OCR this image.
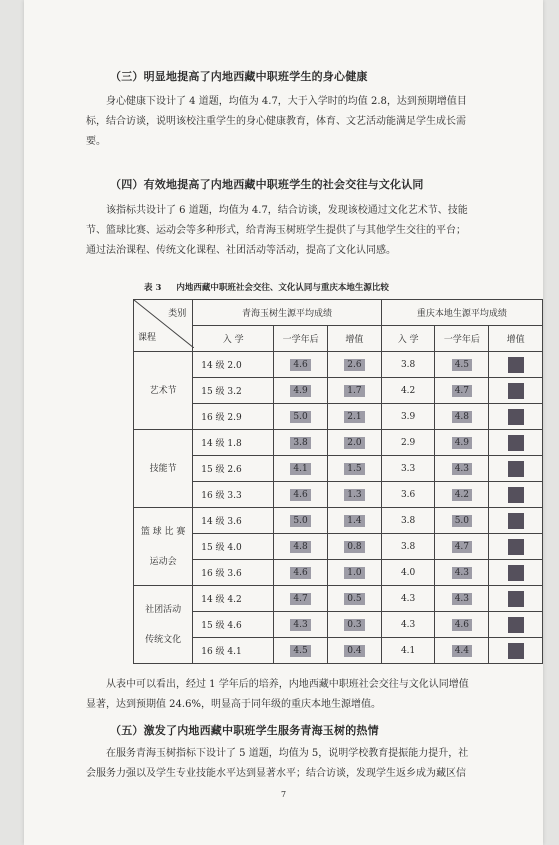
（三）明显地提高了内地西藏中职班学生的身心健康
身心健康下设计了 4 道题，均值为 4.7，大于入学时的均值 2.8，达到预期增值目
标，结合访谈，说明该校注重学生的身心健康教育，体育、文艺活动能满足学生成长需
要。
（四）有效地提高了内地西藏中职班学生的社会交往与文化认同
该指标共设计了 6 道题，均值为 4.7，结合访谈，发现该校通过文化艺术节、技能
节、篮球比赛、运动会等多种形式，给青海玉树班学生提供了与其他学生交往的平台；
通过法治课程、传统文化课程、社团活动等活动，提高了文化认同感。
表 3 内地西藏中职班社会交往、文化认同与重庆本地生源比较
类别
课程	青海玉树生源平均成绩			重庆本地生源平均成绩		
	入 学	一学年后	增值	入 学	一学年后	增值

艺术节	14 级 2.0	4.6	2.6	3.8	4.5	
	15 级 3.2	4.9	1.7	4.2	4.7	
	16 级 2.9	5.0	2.1	3.9	4.8	

技能节	14 级 1.8	3.8	2.0	2.9	4.9	
	15 级 2.6	4.1	1.5	3.3	4.3	
	16 级 3.3	4.6	1.3	3.6	4.2	

篮 球 比 赛
运动会	14 级 3.6	5.0	1.4	3.8	5.0	
	15 级 4.0	4.8	0.8	3.8	4.7	
	16 级 3.6	4.6	1.0	4.0	4.3	

社团活动
传统文化	14 级 4.2	4.7	0.5	4.3	4.3	
	15 级 4.6	4.3	0.3	4.3	4.6	
	16 级 4.1	4.5	0.4	4.1	4.4	
从表中可以看出，经过 1 学年后的培养，内地西藏中职班社会交往与文化认同增值
显著，达到预期值 24.6%，明显高于同年级的重庆本地生源增值。
（五）激发了内地西藏中职班学生服务青海玉树的热情
在服务青海玉树指标下设计了 5 道题，均值为 5，说明学校教育提振能力提升，社
会服务力强以及学生专业技能水平达到显著水平；结合访谈，发现学生返乡成为藏区信
7
